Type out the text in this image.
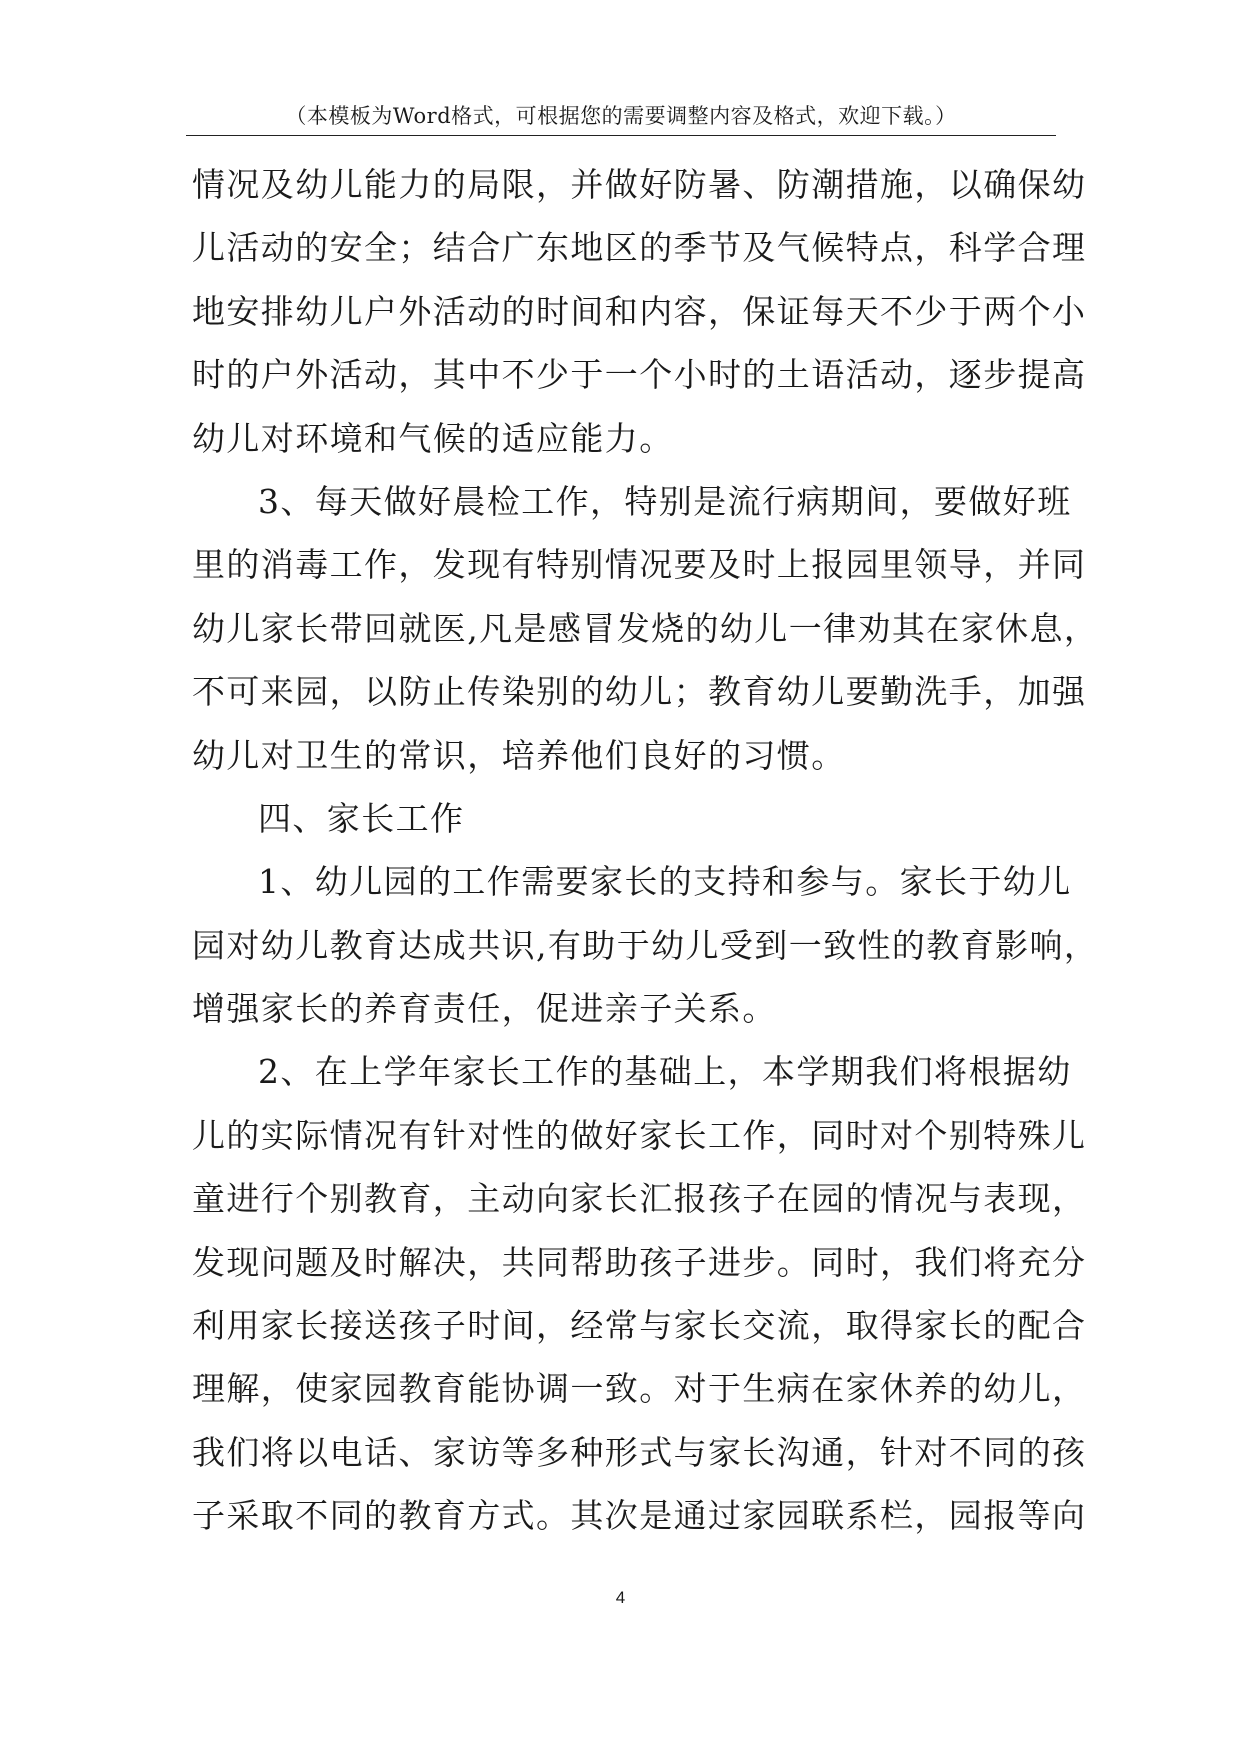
（本模板为Word格式，可根据您的需要调整内容及格式，欢迎下载。）
情况及幼儿能力的局限，并做好防暑、防潮措施，以确保幼
儿活动的安全；结合广东地区的季节及气候特点，科学合理
地安排幼儿户外活动的时间和内容，保证每天不少于两个小
时的户外活动，其中不少于一个小时的土语活动，逐步提高
幼儿对环境和气候的适应能力。
3、每天做好晨检工作，特别是流行病期间，要做好班
里的消毒工作，发现有特别情况要及时上报园里领导，并同
幼儿家长带回就医,凡是感冒发烧的幼儿一律劝其在家休息，
不可来园，以防止传染别的幼儿；教育幼儿要勤洗手，加强
幼儿对卫生的常识，培养他们良好的习惯。
四、家长工作
1、幼儿园的工作需要家长的支持和参与。家长于幼儿
园对幼儿教育达成共识,有助于幼儿受到一致性的教育影响，
增强家长的养育责任，促进亲子关系。
2、在上学年家长工作的基础上，本学期我们将根据幼
儿的实际情况有针对性的做好家长工作，同时对个别特殊儿
童进行个别教育，主动向家长汇报孩子在园的情况与表现，
发现问题及时解决，共同帮助孩子进步。同时，我们将充分
利用家长接送孩子时间，经常与家长交流，取得家长的配合
理解，使家园教育能协调一致。对于生病在家休养的幼儿，
我们将以电话、家访等多种形式与家长沟通，针对不同的孩
子采取不同的教育方式。其次是通过家园联系栏，园报等向
4
